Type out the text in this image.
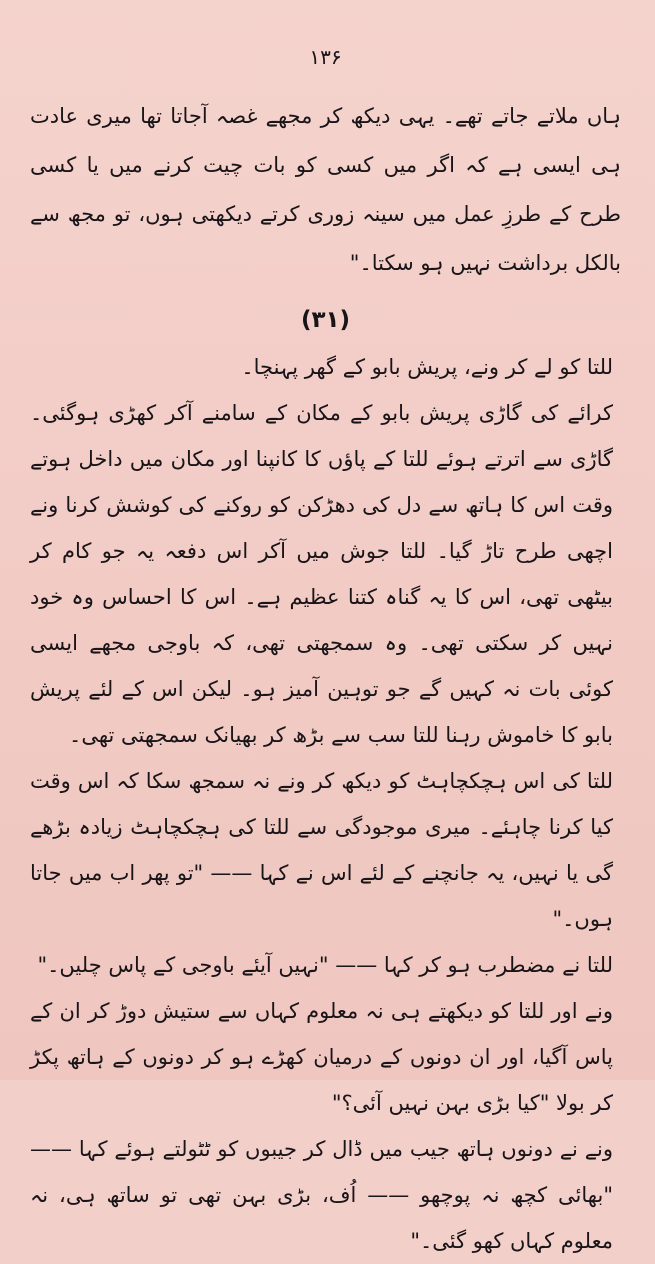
۱۳۶

ہاں ملاتے جاتے تھے۔ یہی دیکھ کر مجھے غصہ آجاتا تھا میری عادت ہی ایسی ہے کہ اگر میں کسی کو بات چیت کرنے میں یا کسی طرح کے طرزِ عمل میں سینہ زوری کرتے دیکھتی ہوں، تو مجھ سے بالکل برداشت نہیں ہو سکتا۔"

(۳۱)

للتا کو لے کر ونے، پریش بابو کے گھر پہنچا۔

کرائے کی گاڑی پریش بابو کے مکان کے سامنے آکر کھڑی ہوگئی۔ گاڑی سے اترتے ہوئے للتا کے پاؤں کا کانپنا اور مکان میں داخل ہوتے وقت اس کا ہاتھ سے دل کی دھڑکن کو روکنے کی کوشش کرنا ونے اچھی طرح تاڑ گیا۔ للتا جوش میں آکر اس دفعہ یہ جو کام کر بیٹھی تھی، اس کا یہ گناہ کتنا عظیم ہے۔ اس کا احساس وہ خود نہیں کر سکتی تھی۔ وہ سمجھتی تھی، کہ باوجی مجھے ایسی کوئی بات نہ کہیں گے جو توہین آمیز ہو۔ لیکن اس کے لئے پریش بابو کا خاموش رہنا للتا سب سے بڑھ کر بھیانک سمجھتی تھی۔

للتا کی اس ہچکچاہٹ کو دیکھ کر ونے نہ سمجھ سکا کہ اس وقت کیا کرنا چاہئے۔ میری موجودگی سے للتا کی ہچکچاہٹ زیادہ بڑھے گی یا نہیں، یہ جانچنے کے لئے اس نے کہا —— "تو پھر اب میں جاتا ہوں۔"

للتا نے مضطرب ہو کر کہا —— "نہیں آیئے باوجی کے پاس چلیں۔"

ونے اور للتا کو دیکھتے ہی نہ معلوم کہاں سے ستیش دوڑ کر ان کے پاس آگیا، اور ان دونوں کے درمیان کھڑے ہو کر دونوں کے ہاتھ پکڑ کر بولا "کیا بڑی بہن نہیں آئی؟"

ونے نے دونوں ہاتھ جیب میں ڈال کر جیبوں کو ٹٹولتے ہوئے کہا —— "بھائی کچھ نہ پوچھو —— اُف، بڑی بہن تھی تو ساتھ ہی، نہ معلوم کہاں کھو گئی۔"
